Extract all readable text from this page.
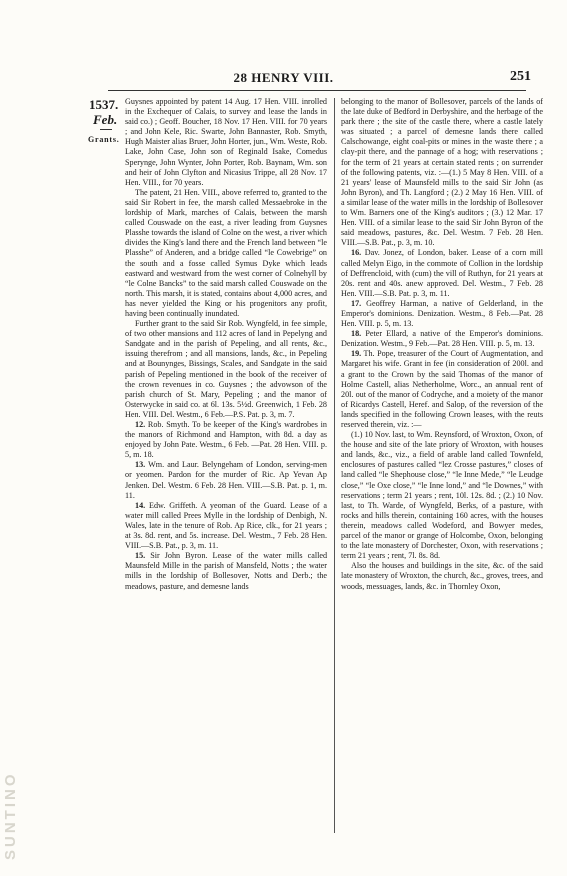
28 HENRY VIII.	251
1537.
Feb.
Grants.

Guysnes appointed by patent 14 Aug. 17 Hen. VIII. inrolled in the Exchequer of Calais, to survey and lease the lands in said co.) ; Geoff. Boucher, 18 Nov. 17 Hen. VIII. for 70 years ; and John Kele, Ric. Swarte, John Bannaster, Rob. Smyth, Hugh Maister alias Bruer, John Horter, jun., Wm. Weste, Rob. Lake, John Case, John son of Reginald Isake, Comedus Sperynge, John Wynter, John Porter, Rob. Baynam, Wm. son and heir of John Clyfton and Nicasius Trippe, all 28 Nov. 17 Hen. VIII., for 70 years.

The patent, 21 Hen. VIII., above referred to, granted to the said Sir Robert in fee, the marsh called Messaebroke in the lordship of Mark, marches of Calais, between the marsh called Couswade on the east, a river leading from Guysnes Plasshe towards the island of Colne on the west, a river which divides the King's land there and the French land between “le Plasshe” of Anderen, and a bridge called “le Cowebrige” on the south and a fosse called Symus Dyke which leads eastward and westward from the west corner of Colnehyll by “le Colne Bancks” to the said marsh called Couswade on the north. This marsh, it is stated, contains about 4,000 acres, and has never yielded the King or his progenitors any profit, having been continually inundated.

Further grant to the said Sir Rob. Wyngfeld, in fee simple, of two other mansions and 112 acres of land in Pepelyng and Sandgate and in the parish of Pepeling, and all rents, &c., issuing therefrom ; and all mansions, lands, &c., in Pepeling and at Bounynges, Bissings, Scales, and Sandgate in the said parish of Pepeling mentioned in the book of the receiver of the crown revenues in co. Guysnes ; the advowson of the parish church of St. Mary, Pepeling ; and the manor of Osterwycke in said co. at 6l. 13s. 5½d. Greenwich, 1 Feb. 28 Hen. VIII. Del. Westm., 6 Feb.—P.S. Pat. p. 3, m. 7.

12. Rob. Smyth. To be keeper of the King's wardrobes in the manors of Richmond and Hampton, with 8d. a day as enjoyed by John Pate. Westm., 6 Feb. —Pat. 28 Hen. VIII. p. 5, m. 18.

13. Wm. and Laur. Belyngeham of London, serving-men or yeomen. Pardon for the murder of Ric. Ap Yevan Ap Jenken. Del. Westm. 6 Feb. 28 Hen. VIII.—S.B. Pat. p. 1, m. 11.

14. Edw. Griffeth. A yeoman of the Guard. Lease of a water mill called Prees Mylle in the lordship of Denbigh, N. Wales, late in the tenure of Rob. Ap Rice, clk., for 21 years ; at 3s. 8d. rent, and 5s. increase. Del. Westm., 7 Feb. 28 Hen. VIII.—S.B. Pat., p. 3, m. 11.

15. Sir John Byron. Lease of the water mills called Maunsfeld Mille in the parish of Mansfeld, Notts ; the water mills in the lordship of Bollesover, Notts and Derb.; the meadows, pasture, and demesne lands

belonging to the manor of Bollesover, parcels of the lands of the late duke of Bedford in Derbyshire, and the herbage of the park there ; the site of the castle there, where a castle lately was situated ; a parcel of demesne lands there called Calschowange, eight coal-pits or mines in the waste there ; a clay-pit there, and the pannage of a hog; with reservations ; for the term of 21 years at certain stated rents ; on surrender of the following patents, viz. :—(1.) 5 May 8 Hen. VIII. of a 21 years' lease of Maunsfeld mills to the said Sir John (as John Byron), and Th. Langford ; (2.) 2 May 16 Hen. VIII. of a similar lease of the water mills in the lordship of Bollesover to Wm. Barners one of the King's auditors ; (3.) 12 Mar. 17 Hen. VIII. of a similar lease to the said Sir John Byron of the said meadows, pastures, &c. Del. Westm. 7 Feb. 28 Hen. VIII.—S.B. Pat., p. 3, m. 10.

16. Dav. Jonez, of London, baker. Lease of a corn mill called Melyn Eigo, in the commote of Collion in the lordship of Deffrencloid, with (cum) the vill of Ruthyn, for 21 years at 20s. rent and 40s. anew approved. Del. Westm., 7 Feb. 28 Hen. VIII.—S.B. Pat. p. 3, m. 11.

17. Geoffrey Harman, a native of Gelderland, in the Emperor's dominions. Denization. Westm., 8 Feb.—Pat. 28 Hen. VIII. p. 5, m. 13.

18. Peter Ellard, a native of the Emperor's dominions. Denization. Westm., 9 Feb.—Pat. 28 Hen. VIII. p. 5, m. 13.

19. Th. Pope, treasurer of the Court of Augmentation, and Margaret his wife. Grant in fee (in consideration of 200l. and a grant to the Crown by the said Thomas of the manor of Holme Castell, alias Netherholme, Worc., an annual rent of 20l. out of the manor of Codryche, and a moiety of the manor of Ricardys Castell, Heref. and Salop, of the reversion of the lands specified in the following Crown leases, with the reuts reserved therein, viz. :—

(1.) 10 Nov. last, to Wm. Reynsford, of Wroxton, Oxon, of the house and site of the late priory of Wroxton, with houses and lands, &c., viz., a field of arable land called Townfeld, enclosures of pastures called “lez Crosse pastures,” closes of land called “le Shephouse close,” “le Inne Mede,” “le Leudge close,” “le Oxe close,” “le Inne lond,” and “le Downes,” with reservations ; term 21 years ; rent, 10l. 12s. 8d. ; (2.) 10 Nov. last, to Th. Warde, of Wyngfeld, Berks, of a pasture, with rocks and hills therein, containing 160 acres, with the houses therein, meadows called Wodeford, and Bowyer medes, parcel of the manor or grange of Holcombe, Oxon, belonging to the late monastery of Dorchester, Oxon, with reservations ; term 21 years ; rent, 7l. 8s. 8d.

Also the houses and buildings in the site, &c. of the said late monastery of Wroxton, the church, &c., groves, trees, and woods, messuages, lands, &c. in Thornley Oxon,

SUNTINO
